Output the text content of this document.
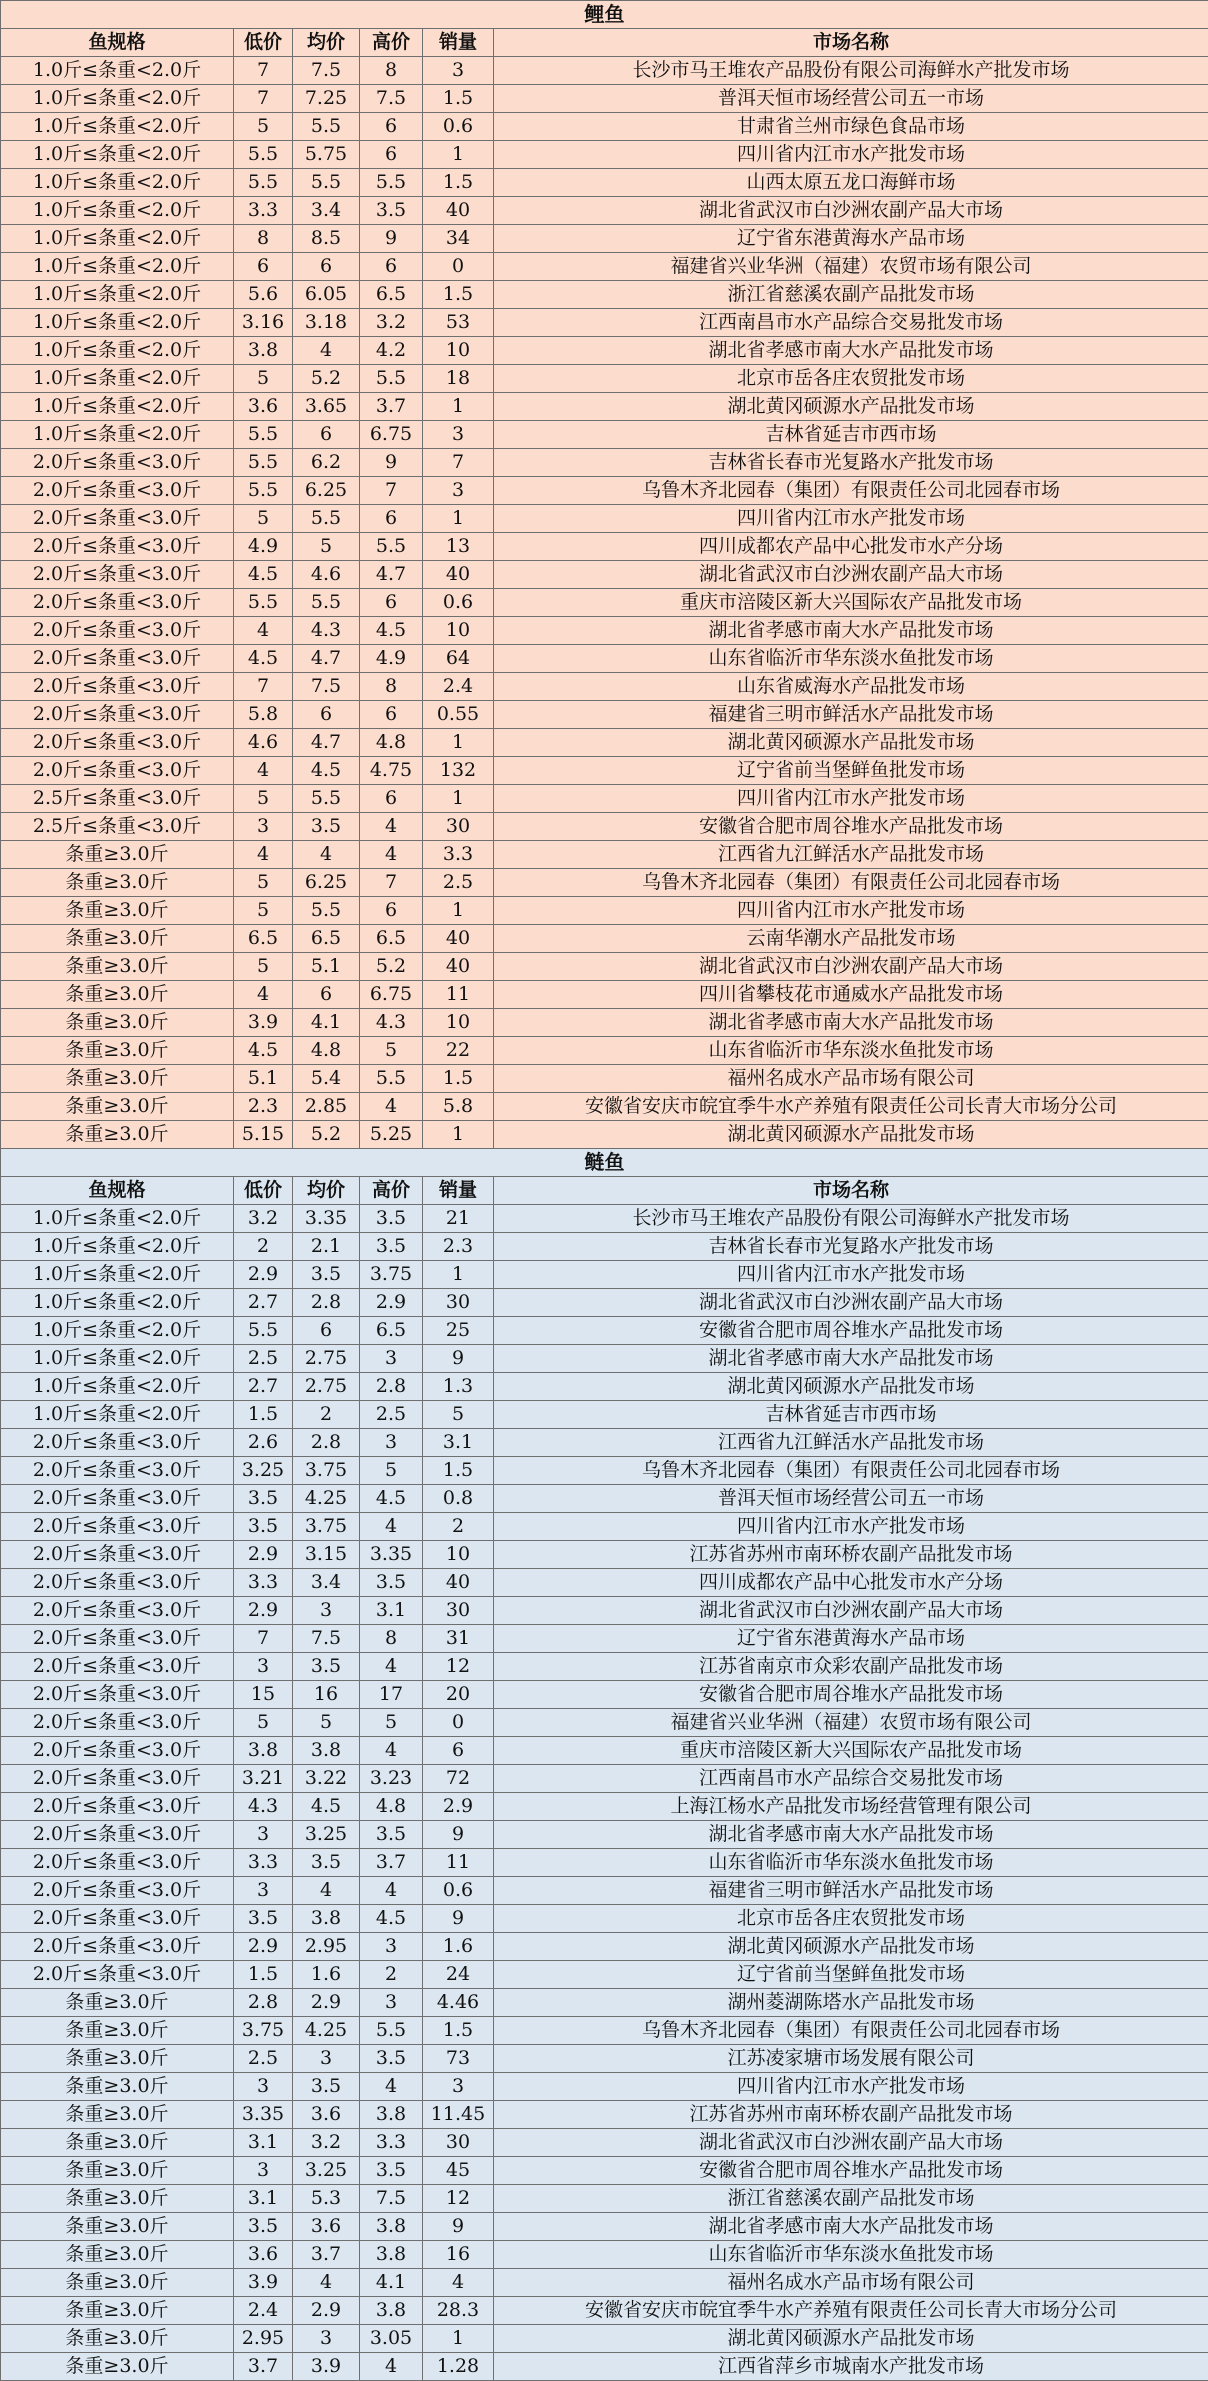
鲤鱼					
鱼规格	低价	均价	高价	销量	市场名称
1.0斤≤条重<2.0斤	7	7.5	8	3	长沙市马王堆农产品股份有限公司海鲜水产批发市场
1.0斤≤条重<2.0斤	7	7.25	7.5	1.5	普洱天恒市场经营公司五一市场
1.0斤≤条重<2.0斤	5	5.5	6	0.6	甘肃省兰州市绿色食品市场
1.0斤≤条重<2.0斤	5.5	5.75	6	1	四川省内江市水产批发市场
1.0斤≤条重<2.0斤	5.5	5.5	5.5	1.5	山西太原五龙口海鲜市场
1.0斤≤条重<2.0斤	3.3	3.4	3.5	40	湖北省武汉市白沙洲农副产品大市场
1.0斤≤条重<2.0斤	8	8.5	9	34	辽宁省东港黄海水产品市场
1.0斤≤条重<2.0斤	6	6	6	0	福建省兴业华洲（福建）农贸市场有限公司
1.0斤≤条重<2.0斤	5.6	6.05	6.5	1.5	浙江省慈溪农副产品批发市场
1.0斤≤条重<2.0斤	3.16	3.18	3.2	53	江西南昌市水产品综合交易批发市场
1.0斤≤条重<2.0斤	3.8	4	4.2	10	湖北省孝感市南大水产品批发市场
1.0斤≤条重<2.0斤	5	5.2	5.5	18	北京市岳各庄农贸批发市场
1.0斤≤条重<2.0斤	3.6	3.65	3.7	1	湖北黄冈硕源水产品批发市场
1.0斤≤条重<2.0斤	5.5	6	6.75	3	吉林省延吉市西市场
2.0斤≤条重<3.0斤	5.5	6.2	9	7	吉林省长春市光复路水产批发市场
2.0斤≤条重<3.0斤	5.5	6.25	7	3	乌鲁木齐北园春（集团）有限责任公司北园春市场
2.0斤≤条重<3.0斤	5	5.5	6	1	四川省内江市水产批发市场
2.0斤≤条重<3.0斤	4.9	5	5.5	13	四川成都农产品中心批发市水产分场
2.0斤≤条重<3.0斤	4.5	4.6	4.7	40	湖北省武汉市白沙洲农副产品大市场
2.0斤≤条重<3.0斤	5.5	5.5	6	0.6	重庆市涪陵区新大兴国际农产品批发市场
2.0斤≤条重<3.0斤	4	4.3	4.5	10	湖北省孝感市南大水产品批发市场
2.0斤≤条重<3.0斤	4.5	4.7	4.9	64	山东省临沂市华东淡水鱼批发市场
2.0斤≤条重<3.0斤	7	7.5	8	2.4	山东省威海水产品批发市场
2.0斤≤条重<3.0斤	5.8	6	6	0.55	福建省三明市鲜活水产品批发市场
2.0斤≤条重<3.0斤	4.6	4.7	4.8	1	湖北黄冈硕源水产品批发市场
2.0斤≤条重<3.0斤	4	4.5	4.75	132	辽宁省前当堡鲜鱼批发市场
2.5斤≤条重<3.0斤	5	5.5	6	1	四川省内江市水产批发市场
2.5斤≤条重<3.0斤	3	3.5	4	30	安徽省合肥市周谷堆水产品批发市场
条重≥3.0斤	4	4	4	3.3	江西省九江鲜活水产品批发市场
条重≥3.0斤	5	6.25	7	2.5	乌鲁木齐北园春（集团）有限责任公司北园春市场
条重≥3.0斤	5	5.5	6	1	四川省内江市水产批发市场
条重≥3.0斤	6.5	6.5	6.5	40	云南华潮水产品批发市场
条重≥3.0斤	5	5.1	5.2	40	湖北省武汉市白沙洲农副产品大市场
条重≥3.0斤	4	6	6.75	11	四川省攀枝花市通威水产品批发市场
条重≥3.0斤	3.9	4.1	4.3	10	湖北省孝感市南大水产品批发市场
条重≥3.0斤	4.5	4.8	5	22	山东省临沂市华东淡水鱼批发市场
条重≥3.0斤	5.1	5.4	5.5	1.5	福州名成水产品市场有限公司
条重≥3.0斤	2.3	2.85	4	5.8	安徽省安庆市皖宜季牛水产养殖有限责任公司长青大市场分公司
条重≥3.0斤	5.15	5.2	5.25	1	湖北黄冈硕源水产品批发市场
鲢鱼					
鱼规格	低价	均价	高价	销量	市场名称
1.0斤≤条重<2.0斤	3.2	3.35	3.5	21	长沙市马王堆农产品股份有限公司海鲜水产批发市场
1.0斤≤条重<2.0斤	2	2.1	3.5	2.3	吉林省长春市光复路水产批发市场
1.0斤≤条重<2.0斤	2.9	3.5	3.75	1	四川省内江市水产批发市场
1.0斤≤条重<2.0斤	2.7	2.8	2.9	30	湖北省武汉市白沙洲农副产品大市场
1.0斤≤条重<2.0斤	5.5	6	6.5	25	安徽省合肥市周谷堆水产品批发市场
1.0斤≤条重<2.0斤	2.5	2.75	3	9	湖北省孝感市南大水产品批发市场
1.0斤≤条重<2.0斤	2.7	2.75	2.8	1.3	湖北黄冈硕源水产品批发市场
1.0斤≤条重<2.0斤	1.5	2	2.5	5	吉林省延吉市西市场
2.0斤≤条重<3.0斤	2.6	2.8	3	3.1	江西省九江鲜活水产品批发市场
2.0斤≤条重<3.0斤	3.25	3.75	5	1.5	乌鲁木齐北园春（集团）有限责任公司北园春市场
2.0斤≤条重<3.0斤	3.5	4.25	4.5	0.8	普洱天恒市场经营公司五一市场
2.0斤≤条重<3.0斤	3.5	3.75	4	2	四川省内江市水产批发市场
2.0斤≤条重<3.0斤	2.9	3.15	3.35	10	江苏省苏州市南环桥农副产品批发市场
2.0斤≤条重<3.0斤	3.3	3.4	3.5	40	四川成都农产品中心批发市水产分场
2.0斤≤条重<3.0斤	2.9	3	3.1	30	湖北省武汉市白沙洲农副产品大市场
2.0斤≤条重<3.0斤	7	7.5	8	31	辽宁省东港黄海水产品市场
2.0斤≤条重<3.0斤	3	3.5	4	12	江苏省南京市众彩农副产品批发市场
2.0斤≤条重<3.0斤	15	16	17	20	安徽省合肥市周谷堆水产品批发市场
2.0斤≤条重<3.0斤	5	5	5	0	福建省兴业华洲（福建）农贸市场有限公司
2.0斤≤条重<3.0斤	3.8	3.8	4	6	重庆市涪陵区新大兴国际农产品批发市场
2.0斤≤条重<3.0斤	3.21	3.22	3.23	72	江西南昌市水产品综合交易批发市场
2.0斤≤条重<3.0斤	4.3	4.5	4.8	2.9	上海江杨水产品批发市场经营管理有限公司
2.0斤≤条重<3.0斤	3	3.25	3.5	9	湖北省孝感市南大水产品批发市场
2.0斤≤条重<3.0斤	3.3	3.5	3.7	11	山东省临沂市华东淡水鱼批发市场
2.0斤≤条重<3.0斤	3	4	4	0.6	福建省三明市鲜活水产品批发市场
2.0斤≤条重<3.0斤	3.5	3.8	4.5	9	北京市岳各庄农贸批发市场
2.0斤≤条重<3.0斤	2.9	2.95	3	1.6	湖北黄冈硕源水产品批发市场
2.0斤≤条重<3.0斤	1.5	1.6	2	24	辽宁省前当堡鲜鱼批发市场
条重≥3.0斤	2.8	2.9	3	4.46	湖州菱湖陈塔水产品批发市场
条重≥3.0斤	3.75	4.25	5.5	1.5	乌鲁木齐北园春（集团）有限责任公司北园春市场
条重≥3.0斤	2.5	3	3.5	73	江苏凌家塘市场发展有限公司
条重≥3.0斤	3	3.5	4	3	四川省内江市水产批发市场
条重≥3.0斤	3.35	3.6	3.8	11.45	江苏省苏州市南环桥农副产品批发市场
条重≥3.0斤	3.1	3.2	3.3	30	湖北省武汉市白沙洲农副产品大市场
条重≥3.0斤	3	3.25	3.5	45	安徽省合肥市周谷堆水产品批发市场
条重≥3.0斤	3.1	5.3	7.5	12	浙江省慈溪农副产品批发市场
条重≥3.0斤	3.5	3.6	3.8	9	湖北省孝感市南大水产品批发市场
条重≥3.0斤	3.6	3.7	3.8	16	山东省临沂市华东淡水鱼批发市场
条重≥3.0斤	3.9	4	4.1	4	福州名成水产品市场有限公司
条重≥3.0斤	2.4	2.9	3.8	28.3	安徽省安庆市皖宜季牛水产养殖有限责任公司长青大市场分公司
条重≥3.0斤	2.95	3	3.05	1	湖北黄冈硕源水产品批发市场
条重≥3.0斤	3.7	3.9	4	1.28	江西省萍乡市城南水产批发市场
